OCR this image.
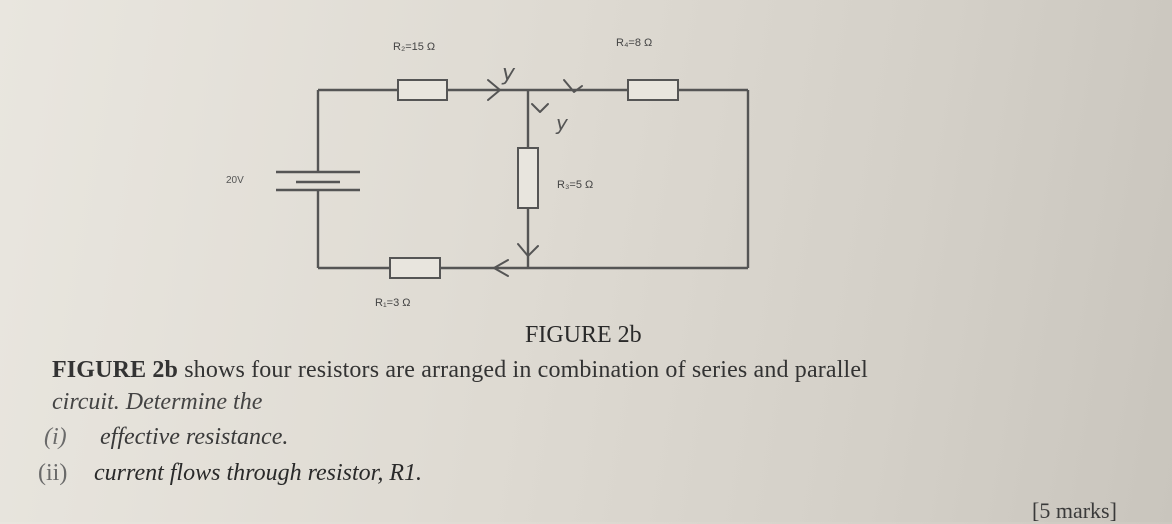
20V
R₂=15 Ω	R₄=8 Ω
R₃=5 Ω
R₁=3 Ω
y
y
FIGURE 2b

FIGURE 2b shows four resistors are arranged in combination of series and parallel
circuit. Determine the

(i) effective resistance.

(ii) current flows through resistor, R1.

[5 marks]
